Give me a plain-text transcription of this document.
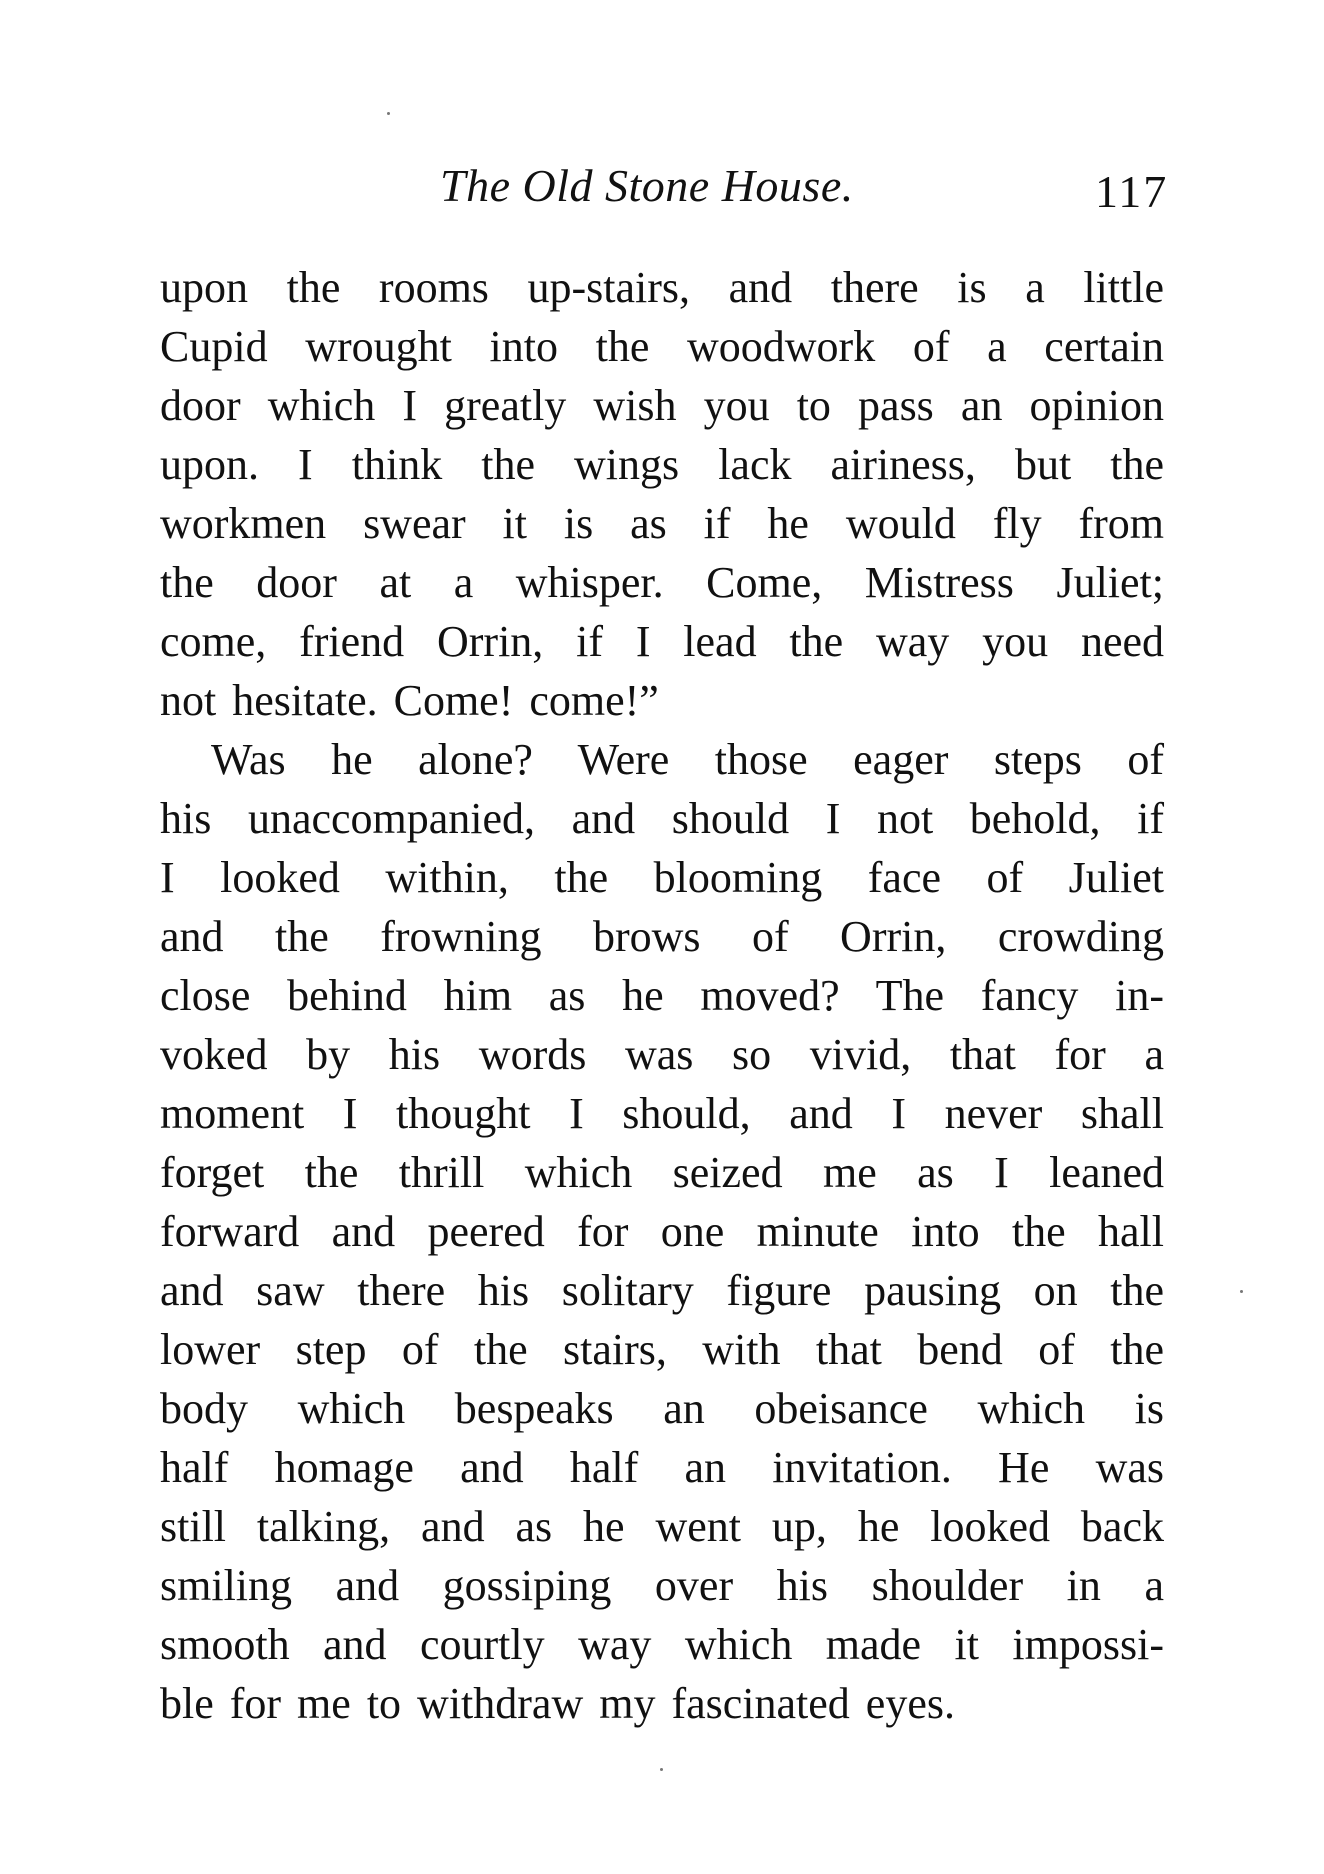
The Old Stone House.	117
upon the rooms up-stairs, and there is a little
Cupid wrought into the woodwork of a certain
door which I greatly wish you to pass an opinion
upon. I think the wings lack airiness, but the
workmen swear it is as if he would fly from
the door at a whisper. Come, Mistress Juliet;
come, friend Orrin, if I lead the way you need
not hesitate. Come! come!”
Was he alone? Were those eager steps of
his unaccompanied, and should I not behold, if
I looked within, the blooming face of Juliet
and the frowning brows of Orrin, crowding
close behind him as he moved? The fancy in-
voked by his words was so vivid, that for a
moment I thought I should, and I never shall
forget the thrill which seized me as I leaned
forward and peered for one minute into the hall
and saw there his solitary figure pausing on the
lower step of the stairs, with that bend of the
body which bespeaks an obeisance which is
half homage and half an invitation. He was
still talking, and as he went up, he looked back
smiling and gossiping over his shoulder in a
smooth and courtly way which made it impossi-
ble for me to withdraw my fascinated eyes.
